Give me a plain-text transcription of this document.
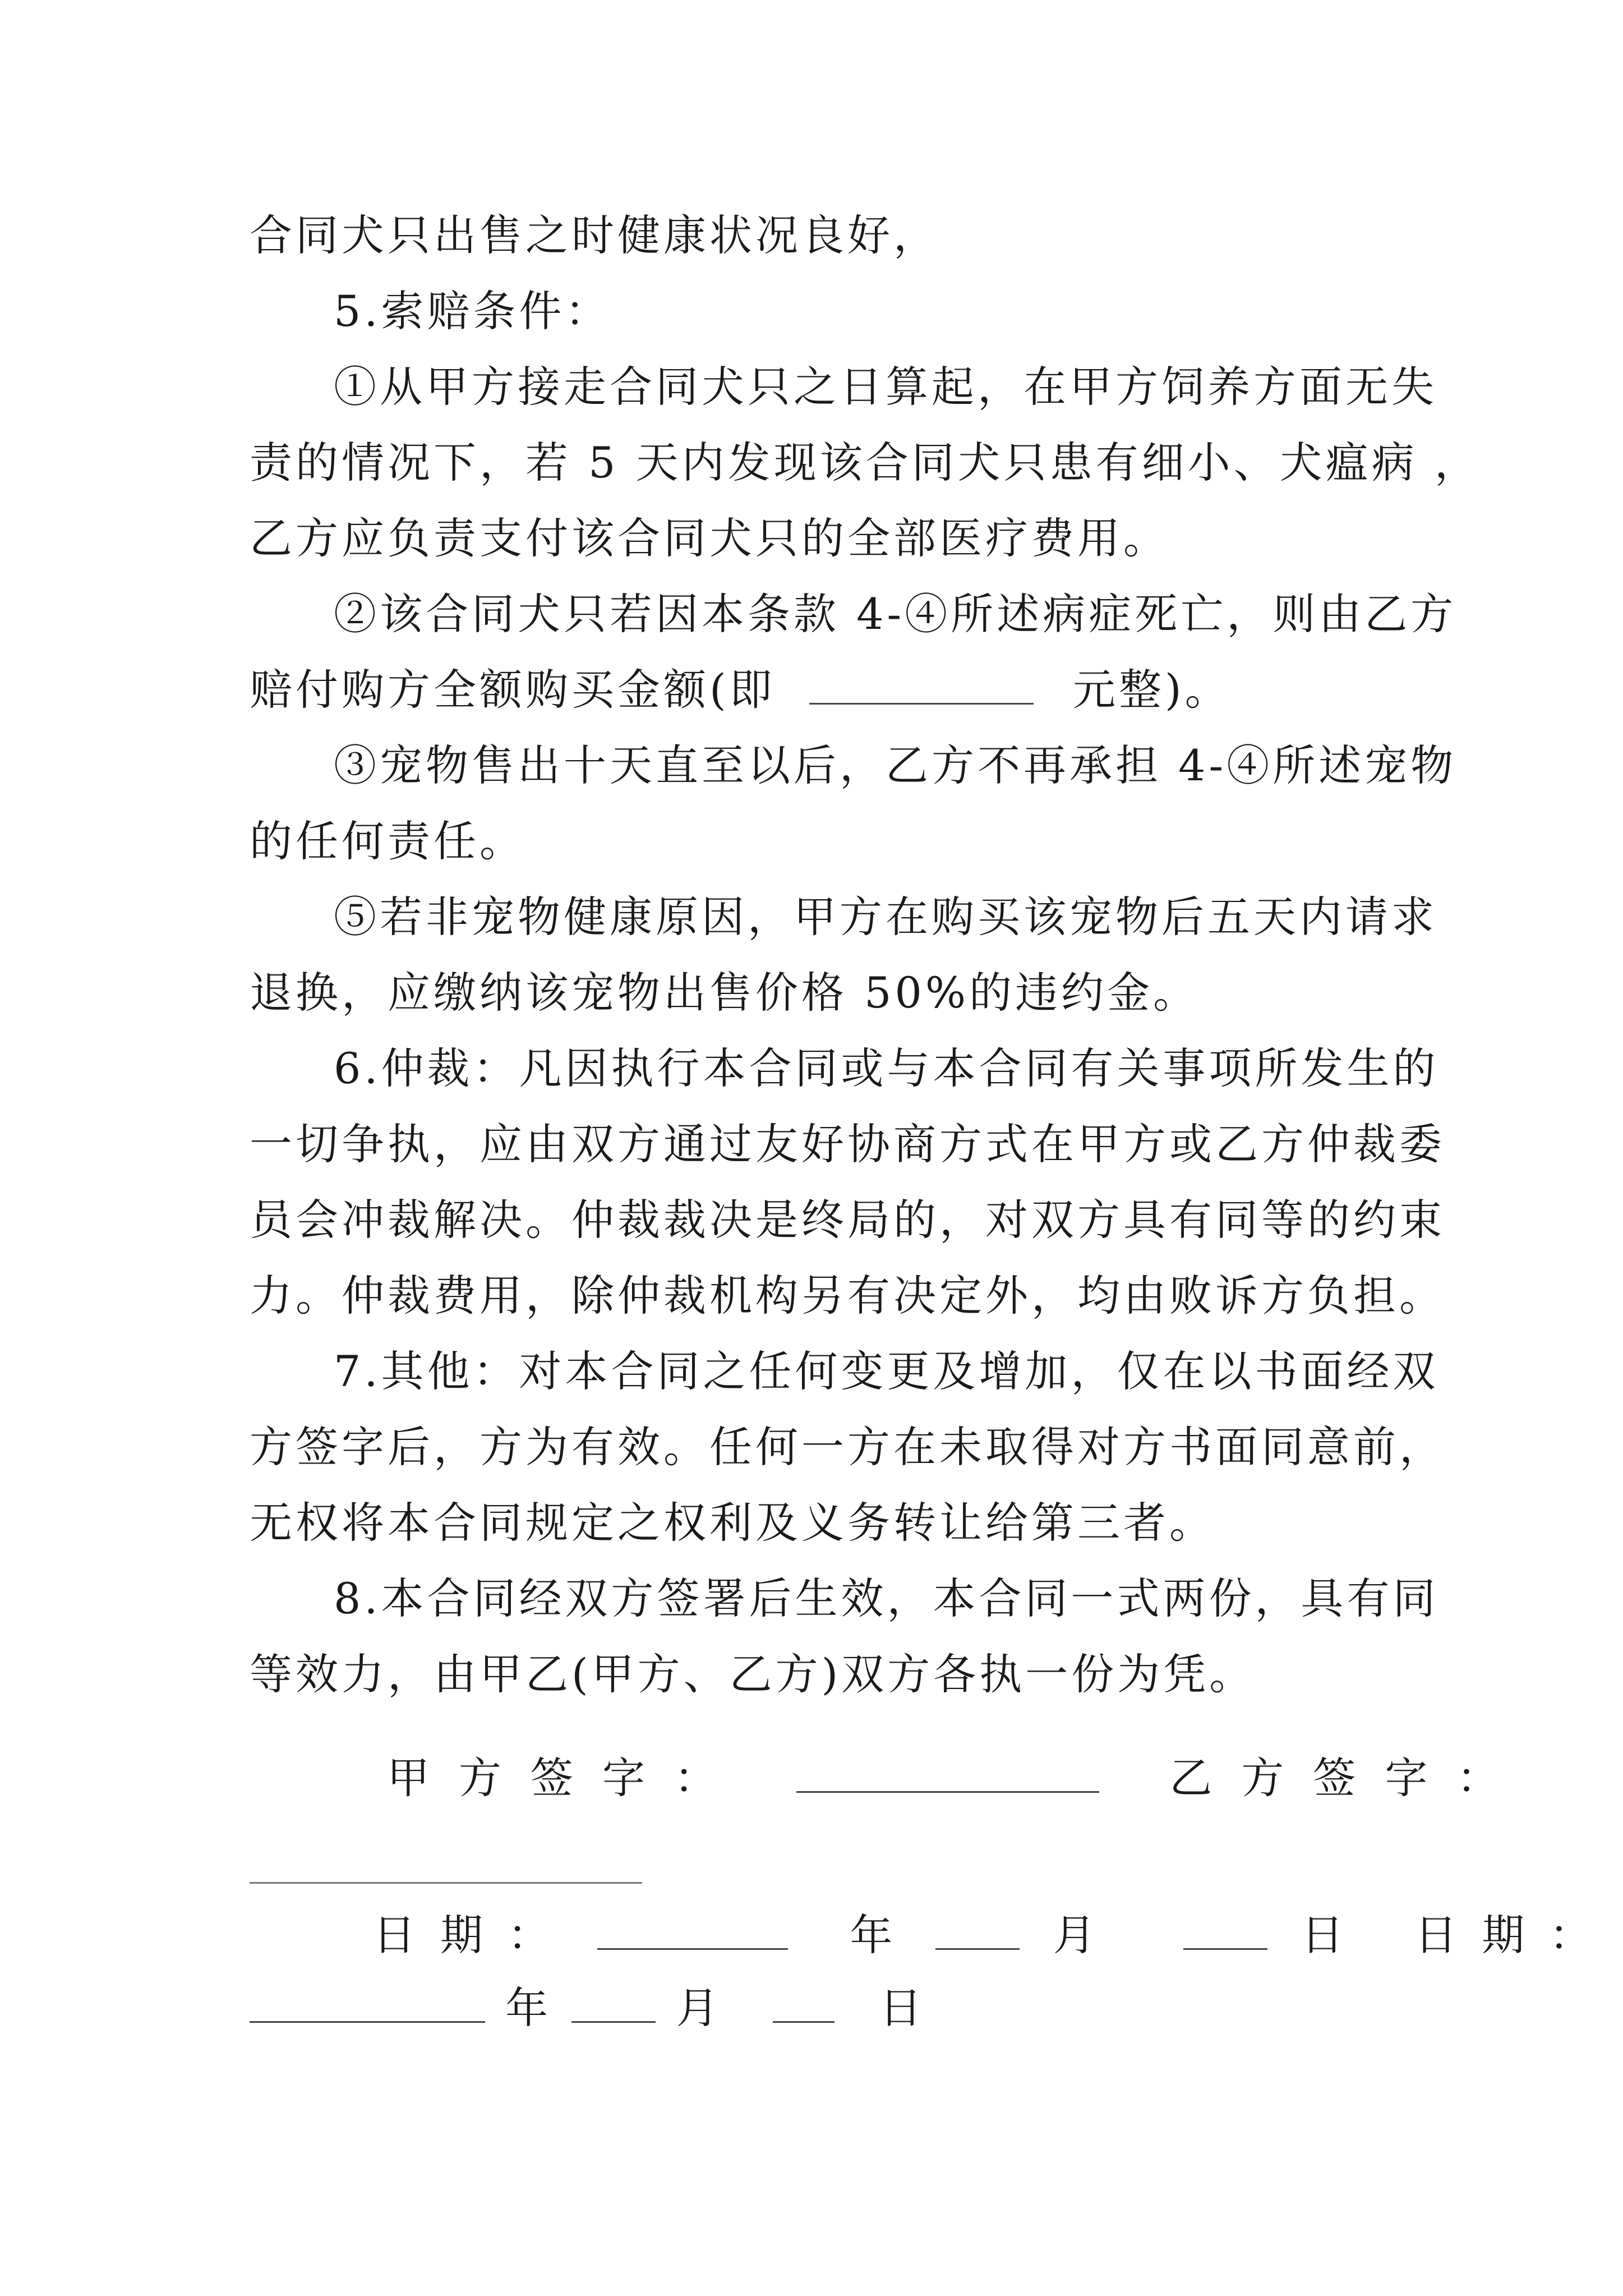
合同犬只出售之时健康状况良好，
5.索赔条件：
①从甲方接走合同犬只之日算起，在甲方饲养方面无失
责的情况下，若 5 天内发现该合同犬只患有细小、犬瘟病 ，
乙方应负责支付该合同犬只的全部医疗费用。
②该合同犬只若因本条款 4-④所述病症死亡，则由乙方
赔付购方全额购买金额(即	元整)。
③宠物售出十天直至以后，乙方不再承担 4-④所述宠物
的任何责任。
⑤若非宠物健康原因，甲方在购买该宠物后五天内请求
退换，应缴纳该宠物出售价格 50%的违约金。
6.仲裁：凡因执行本合同或与本合同有关事项所发生的
一切争执，应由双方通过友好协商方式在甲方或乙方仲裁委
员会冲裁解决。仲裁裁决是终局的，对双方具有同等的约束
力。仲裁费用，除仲裁机构另有决定外，均由败诉方负担。
7.其他：对本合同之任何变更及增加，仅在以书面经双
方签字后，方为有效。任何一方在未取得对方书面同意前，
无权将本合同规定之权利及义务转让给第三者。
8.本合同经双方签署后生效，本合同一式两份，具有同
等效力，由甲乙(甲方、乙方)双方各执一份为凭。
甲方签字：	乙方签字：
日期：	年	月	日 日期：
年	月	日
